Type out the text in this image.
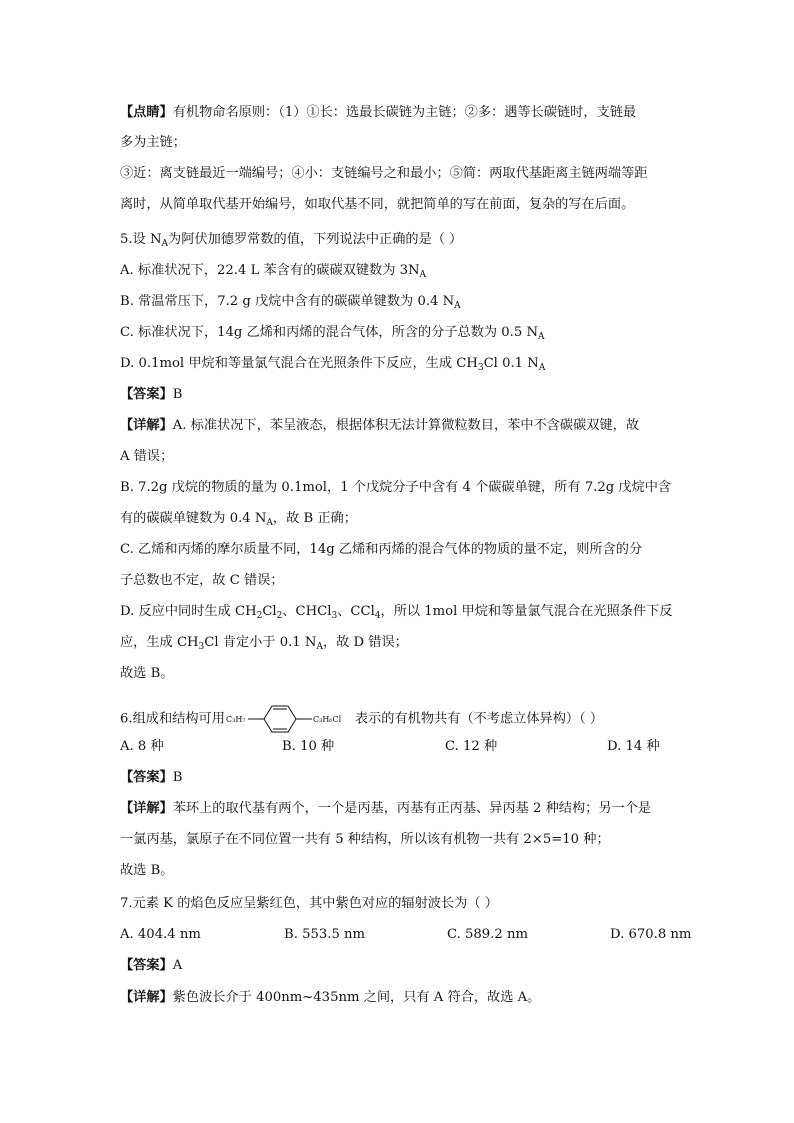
【点睛】有机物命名原则：（1）①长：选最长碳链为主链；②多：遇等长碳链时，支链最
多为主链；
③近：离支链最近一端编号；④小：支链编号之和最小；⑤简：两取代基距离主链两端等距
离时，从简单取代基开始编号，如取代基不同，就把简单的写在前面，复杂的写在后面。
5.设 $N_A$为阿伏加德罗常数的值，下列说法中正确的是（ ）
A. 标准状况下，22.4 L 苯含有的碳碳双键数为 $3N_A$
B. 常温常压下，7.2 g 戊烷中含有的碳碳单键数为 0.4 $N_A$
C. 标准状况下，14g 乙烯和丙烯的混合气体，所含的分子总数为 0.5 $N_A$
D. 0.1mol 甲烷和等量氯气混合在光照条件下反应，生成 $CH_3Cl$ 0.1 $N_A$
【答案】B
【详解】A. 标准状况下，苯呈液态，根据体积无法计算微粒数目，苯中不含碳碳双键，故
A 错误；
B. 7.2g 戊烷的物质的量为 0.1mol，1 个戊烷分子中含有 4 个碳碳单键，所有 7.2g 戊烷中含
有的碳碳单键数为 0.4 $N_A$，故 B 正确；
C. 乙烯和丙烯的摩尔质量不同，14g 乙烯和丙烯的混合气体的物质的量不定，则所含的分
子总数也不定，故 C 错误；
D. 反应中同时生成 $CH_2Cl_2$、CHCl$_3$、CCl$_4$，所以 1mol 甲烷和等量氯气混合在光照条件下反
应，生成 $CH_3Cl$ 肯定小于 0.1 $N_A$，故 D 错误；
故选 B。
6.组成和结构可用 C₃H₇	C₃H₆Cl 表示的有机物共有（不考虑立体异构）（ ）
A. 8 种	B. 10 种	C. 12 种	D. 14 种
【答案】B
【详解】苯环上的取代基有两个，一个是丙基，丙基有正丙基、异丙基 2 种结构；另一个是
一氯丙基，氯原子在不同位置一共有 5 种结构，所以该有机物一共有 2×5=10 种；
故选 B。
7.元素 K 的焰色反应呈紫红色，其中紫色对应的辐射波长为（ ）
A. 404.4 nm	B. 553.5 nm	C. 589.2 nm	D. 670.8 nm
【答案】A
【详解】紫色波长介于 400nm~435nm 之间，只有 A 符合，故选 A。
